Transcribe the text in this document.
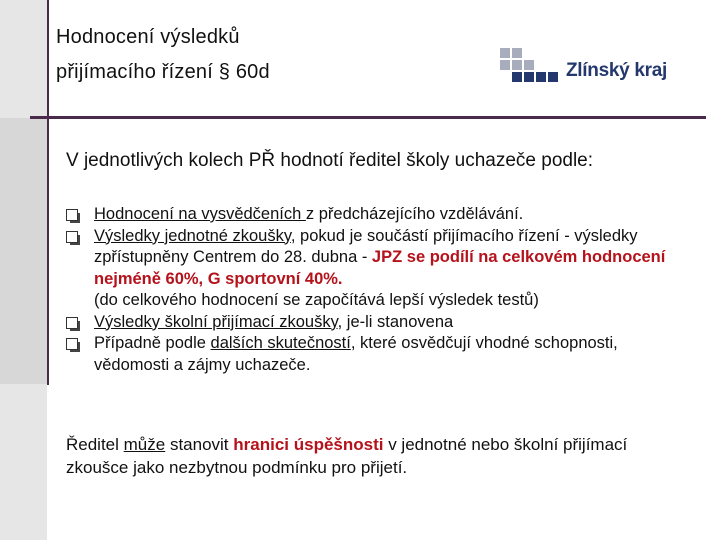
Hodnocení výsledků
přijímacího řízení § 60d	Zlínský kraj
V jednotlivých kolech PŘ hodnotí ředitel školy uchazeče podle:
Hodnocení na vysvědčeních z předcházejícího vzdělávání.
Výsledky jednotné zkoušky, pokud je součástí přijímacího řízení - výsledky zpřístupněny Centrem do 28. dubna - JPZ se podílí na celkovém hodnocení nejméně 60%, G sportovní 40%.
(do celkového hodnocení se započítává lepší výsledek testů)
Výsledky školní přijímací zkoušky, je-li stanovena
Případně podle dalších skutečností, které osvědčují vhodné schopnosti, vědomosti a zájmy uchazeče.
Ředitel může stanovit hranici úspěšnosti v jednotné nebo školní přijímací zkoušce jako nezbytnou podmínku pro přijetí.
